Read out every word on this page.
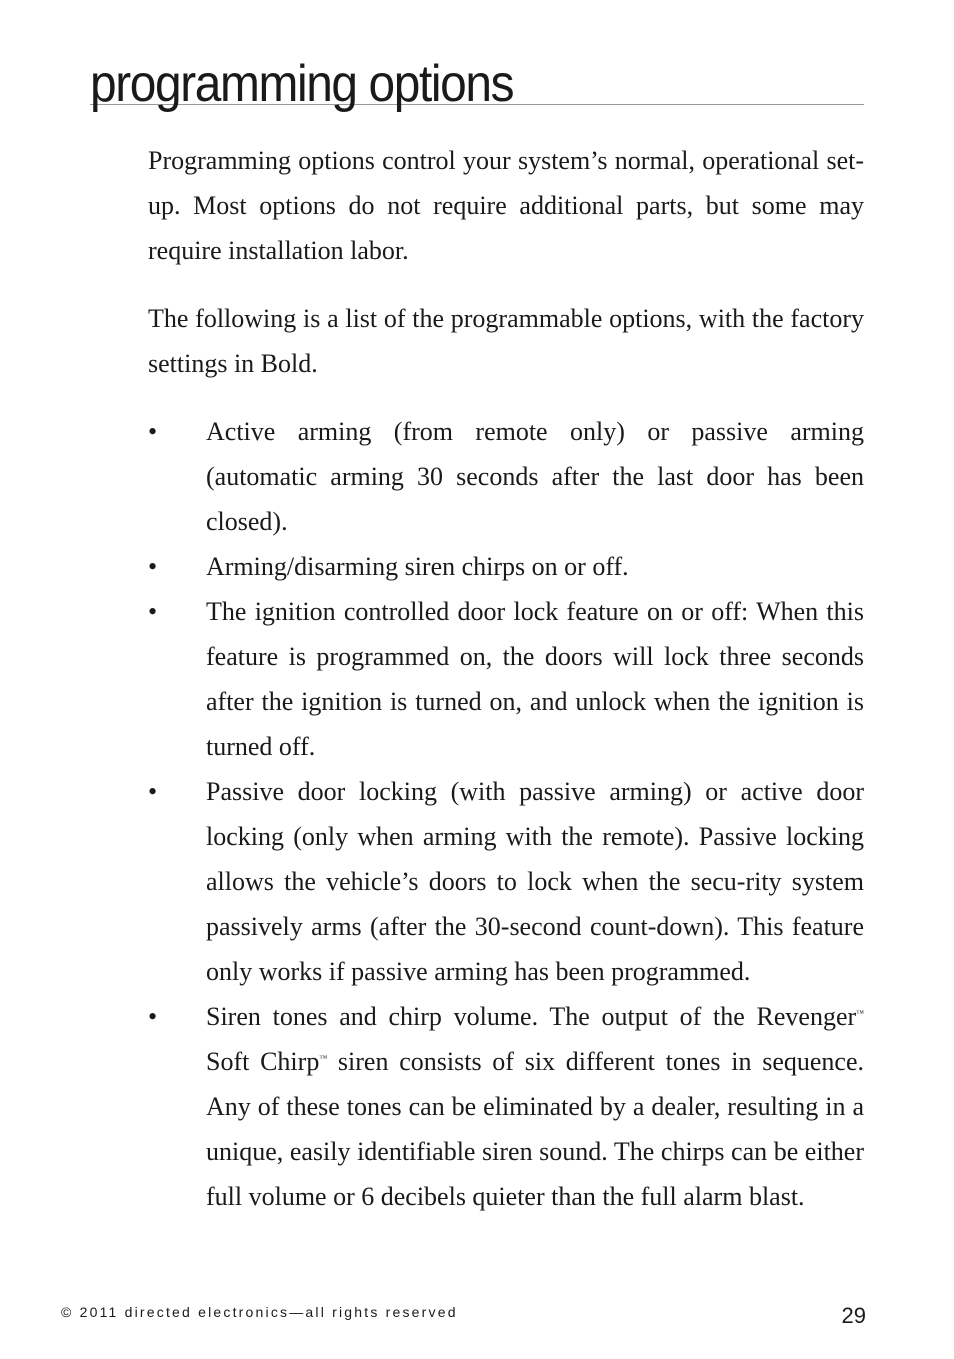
programming options

Programming options control your system’s normal, operational set-up. Most options do not require additional parts, but some may require installation labor.

The following is a list of the programmable options, with the factory settings in Bold.

• Active arming (from remote only) or passive arming (automatic arming 30 seconds after the last door has been closed).
• Arming/disarming siren chirps on or off.
• The ignition controlled door lock feature on or off: When this feature is programmed on, the doors will lock three seconds after the ignition is turned on, and unlock when the ignition is turned off.
• Passive door locking (with passive arming) or active door locking (only when arming with the remote). Passive locking allows the vehicle’s doors to lock when the secu-rity system passively arms (after the 30-second count-down). This feature only works if passive arming has been programmed.
• Siren tones and chirp volume. The output of the Revenger™ Soft Chirp™ siren consists of six different tones in sequence. Any of these tones can be eliminated by a dealer, resulting in a unique, easily identifiable siren sound. The chirps can be either full volume or 6 decibels quieter than the full alarm blast.
© 2011 directed electronics—all rights reserved	29
